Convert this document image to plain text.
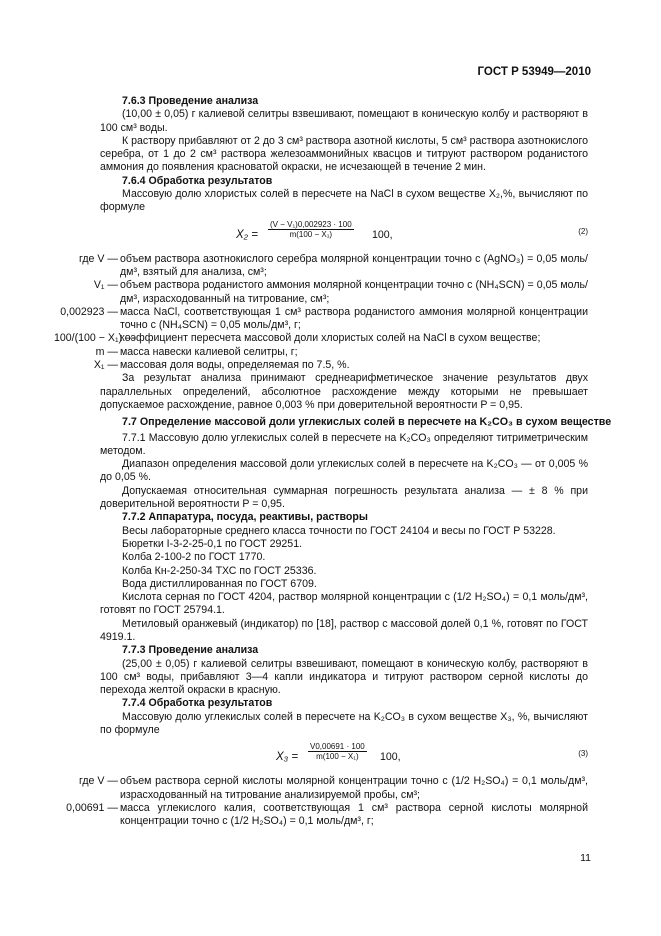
ГОСТ Р 53949—2010
7.6.3 Проведение анализа

(10,00 ± 0,05) г калиевой селитры взвешивают, помещают в коническую колбу и растворяют в 100 см³ воды.

К раствору прибавляют от 2 до 3 см³ раствора азотной кислоты, 5 см³ раствора азотнокислого серебра, от 1 до 2 см³ раствора железоаммонийных квасцов и титруют раствором роданистого аммония до появления красноватой окраски, не исчезающей в течение 2 мин.

7.6.4 Обработка результатов

Массовую долю хлористых солей в пересчете на NaCl в сухом веществе X₂,%, вычисляют по формуле

$X_2 = \frac{\text{(V − V₁)0,002923 · 100}}{\text{m(100 − X₁)}} 100$,	(2)
где V — объем раствора азотнокислого серебра молярной концентрации точно c (AgNO₃) = 0,05 моль/дм³, взятый для анализа, см³;
V₁ — объем раствора роданистого аммония молярной концентрации точно c (NH₄SCN) = 0,05 моль/дм³, израсходованный на титрование, см³;
0,002923 — масса NaCl, соответствующая 1 см³ раствора роданистого аммония молярной концентрации точно c (NH₄SCN) = 0,05 моль/дм³, г;
100/(100 − X₁) —
коэффициент пересчета массовой доли хлористых солей на NaCl в сухом веществе;
m — масса навески калиевой селитры, г;
X₁ — массовая доля воды, определяемая по 7.5, %.

За результат анализа принимают среднеарифметическое значение результатов двух параллельных определений, абсолютное расхождение между которыми не превышает допускаемое расхождение, равное 0,003 % при доверительной вероятности P = 0,95.

7.7 Определение массовой доли углекислых солей в пересчете на K₂CO₃ в сухом веществе

7.7.1 Массовую долю углекислых солей в пересчете на K₂CO₃ определяют титриметрическим методом.

Диапазон определения массовой доли углекислых солей в пересчете на K₂CO₃ — от 0,005 % до 0,05 %.

Допускаемая относительная суммарная погрешность результата анализа — ± 8 % при доверительной вероятности P = 0,95.

7.7.2 Аппаратура, посуда, реактивы, растворы

Весы лабораторные среднего класса точности по ГОСТ 24104 и весы по ГОСТ Р 53228.

Бюретки I-3-2-25-0,1 по ГОСТ 29251.

Колба 2-100-2 по ГОСТ 1770.

Колба Кн-2-250-34 ТХС по ГОСТ 25336.

Вода дистиллированная по ГОСТ 6709.

Кислота серная по ГОСТ 4204, раствор молярной концентрации c (1/2 H₂SO₄) = 0,1 моль/дм³, готовят по ГОСТ 25794.1.

Метиловый оранжевый (индикатор) по [18], раствор с массовой долей 0,1 %, готовят по ГОСТ 4919.1.

7.7.3 Проведение анализа

(25,00 ± 0,05) г калиевой селитры взвешивают, помещают в коническую колбу, растворяют в 100 см³ воды, прибавляют 3—4 капли индикатора и титруют раствором серной кислоты до перехода желтой окраски в красную.

7.7.4 Обработка результатов

Массовую долю углекислых солей в пересчете на K₂CO₃ в сухом веществе X₃, %, вычисляют по формуле

$X_3 = \frac{V0,00691 \cdot 100}{\text{m(100 − X₁)}} 100$,	(3)
где V — объем раствора серной кислоты молярной концентрации точно c (1/2 H₂SO₄) = 0,1 моль/дм³, израсходованный на титрование анализируемой пробы, см³;
0,00691 — масса углекислого калия, соответствующая 1 см³ раствора серной кислоты молярной концентрации точно c (1/2 H₂SO₄) = 0,1 моль/дм³, г;
11
